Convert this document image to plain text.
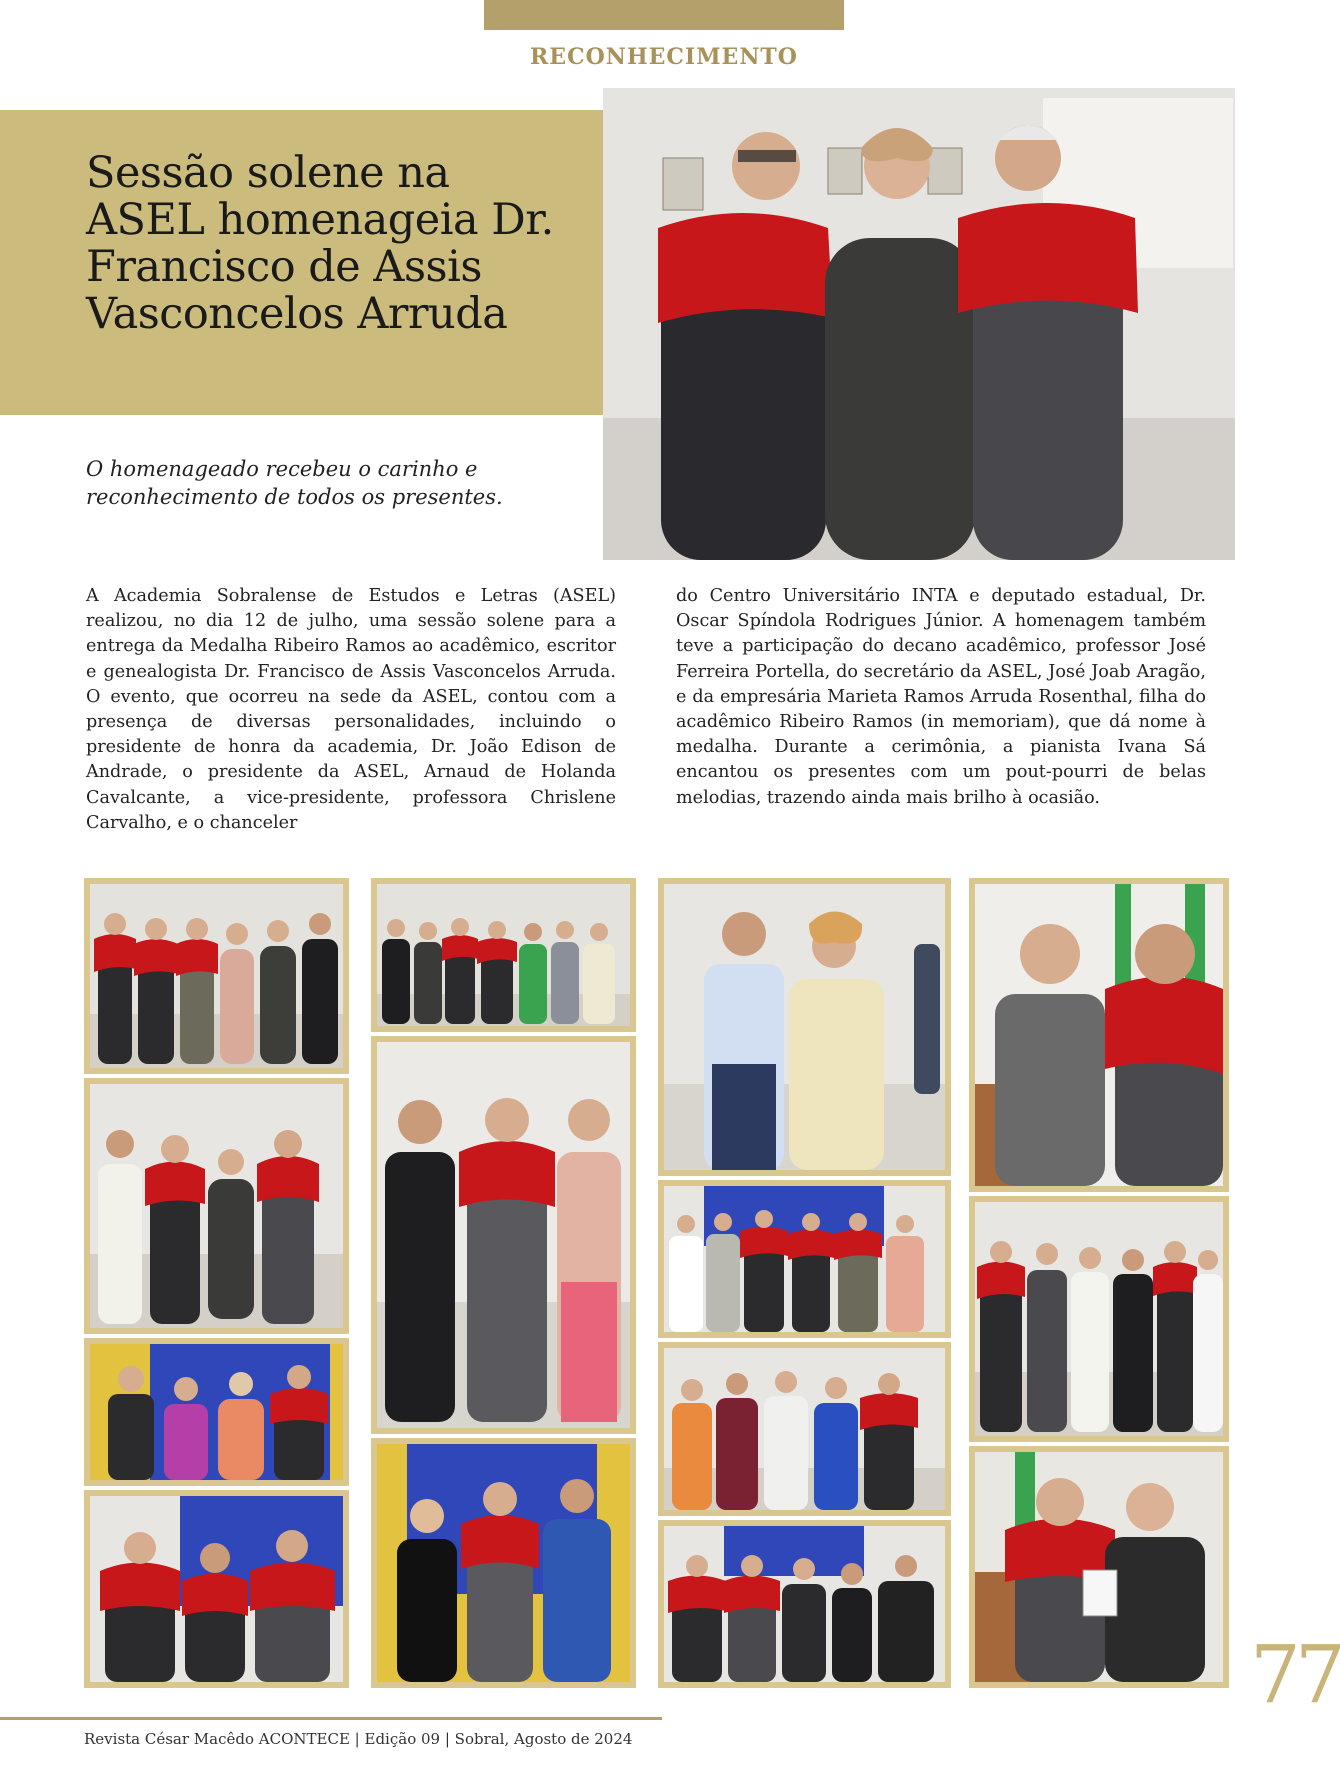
RECONHECIMENTO
Sessão solene na ASEL homenageia Dr. Francisco de Assis Vasconcelos Arruda
O homenageado recebeu o carinho e reconhecimento de todos os presentes.
A Academia Sobralense de Estudos e Letras (ASEL) realizou, no dia 12 de julho, uma sessão solene para a entrega da Medalha Ribeiro Ramos ao acadêmico, escritor e genealogista Dr. Francisco de Assis Vasconcelos Arruda. O evento, que ocorreu na sede da ASEL, contou com a presença de diversas personalidades, incluindo o presidente de honra da academia, Dr. João Edison de Andrade, o presidente da ASEL, Arnaud de Holanda Cavalcante, a vice-presidente, professora Chrislene Carvalho, e o chanceler
do Centro Universitário INTA e deputado estadual, Dr. Oscar Spíndola Rodrigues Júnior. A homenagem também teve a participação do decano acadêmico, professor José Ferreira Portella, do secretário da ASEL, José Joab Aragão, e da empresária Marieta Ramos Arruda Rosenthal, filha do acadêmico Ribeiro Ramos (in memoriam), que dá nome à medalha. Durante a cerimônia, a pianista Ivana Sá encantou os presentes com um pout-pourri de belas melodias, trazendo ainda mais brilho à ocasião.
Revista César Macêdo ACONTECE | Edição 09 | Sobral, Agosto de 2024
77
